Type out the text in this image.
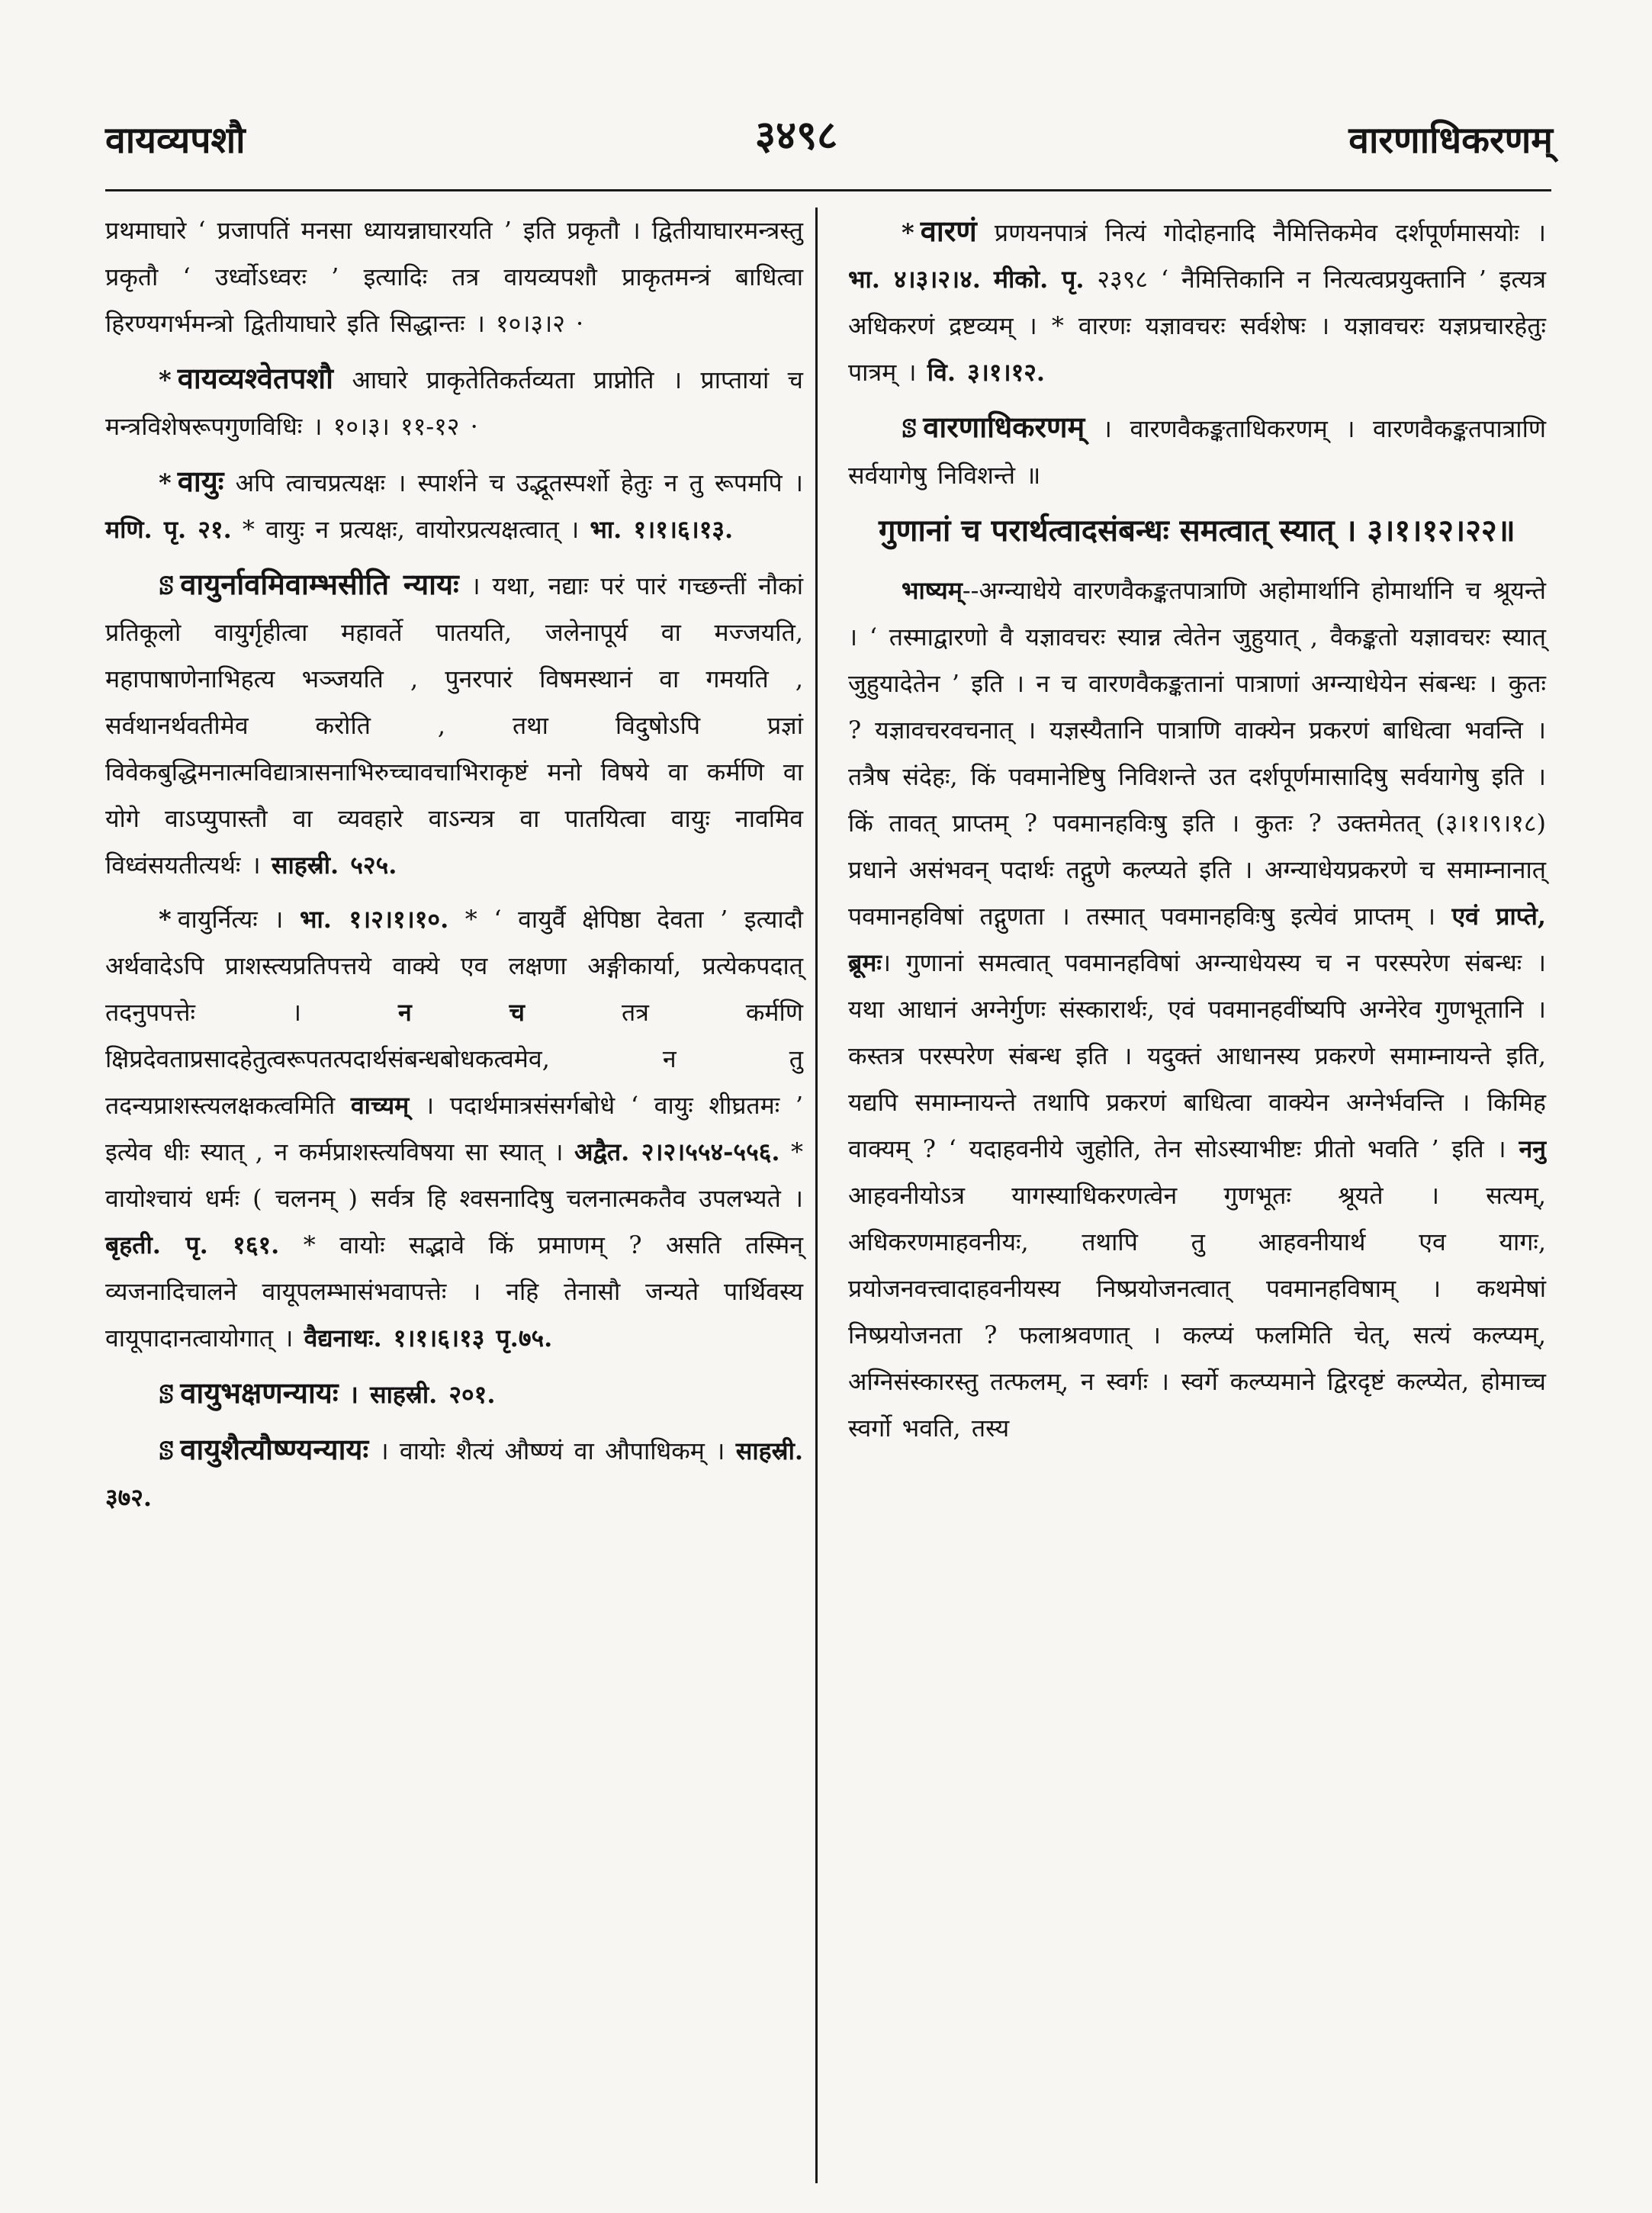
वायव्यपशौ	३४९८	वारणाधिकरणम्

प्रथमाघारे ‘ प्रजापतिं मनसा ध्यायन्नाघारयति ’ इति प्रकृतौ । द्वितीयाघारमन्त्रस्तु प्रकृतौ ‘ उर्ध्वोऽध्वरः ’ इत्यादिः तत्र वायव्यपशौ प्राकृतमन्त्रं बाधित्वा हिरण्यगर्भमन्त्रो द्वितीयाघारे इति सिद्धान्तः । १०।३।२ ·

* वायव्यश्वेतपशौ आघारे प्राकृतेतिकर्तव्यता प्राप्नोति । प्राप्तायां च मन्त्रविशेषरूपगुणविधिः । १०।३। ११-१२ ·

* वायुः अपि त्वाचप्रत्यक्षः । स्पार्शने च उद्भूतस्पर्शो हेतुः न तु रूपमपि । मणि. पृ. २१. * वायुः न प्रत्यक्षः, वायोरप्रत्यक्षत्वात् । भा. १।१।६।१३.

ꕷ वायुर्नावमिवाम्भसीति न्यायः । यथा, नद्याः परं पारं गच्छन्तीं नौकां प्रतिकूलो वायुर्गृहीत्वा महावर्ते पातयति, जलेनापूर्य वा मज्जयति, महापाषाणेनाभिहत्य भञ्जयति , पुनरपारं विषमस्थानं वा गमयति , सर्वथानर्थवतीमेव करोति , तथा विदुषोऽपि प्रज्ञां विवेकबुद्धिमनात्मविद्यात्रासनाभिरुच्चावचाभिराकृष्टं मनो विषये वा कर्मणि वा योगे वाऽप्युपास्तौ वा व्यवहारे वाऽन्यत्र वा पातयित्वा वायुः नावमिव विध्वंसयतीत्यर्थः । साहस्री. ५२५.

* वायुर्नित्यः । भा. १।२।१।१०. * ‘ वायुर्वै क्षेपिष्ठा देवता ’ इत्यादौ अर्थवादेऽपि प्राशस्त्यप्रतिपत्तये वाक्ये एव लक्षणा अङ्गीकार्या, प्रत्येकपदात् तदनुपपत्तेः ।	न च	तत्र कर्मणि क्षिप्रदेवताप्रसादहेतुत्वरूपतत्पदार्थसंबन्धबोधकत्वमेव, न तु तदन्यप्राशस्त्यलक्षकत्वमिति वाच्यम् । पदार्थमात्रसंसर्गबोधे ‘ वायुः शीघ्रतमः ’ इत्येव धीः स्यात् , न कर्मप्राशस्त्यविषया सा स्यात् । अद्वैत. २।२।५५४-५५६. * वायोश्चायं धर्मः ( चलनम् ) सर्वत्र हि श्वसनादिषु चलनात्मकतैव उपलभ्यते । बृहती. पृ. १६१. * वायोः सद्भावे किं प्रमाणम् ? असति तस्मिन् व्यजनादिचालने वायूपलम्भासंभवापत्तेः । नहि तेनासौ जन्यते पार्थिवस्य वायूपादानत्वायोगात् । वैद्यनाथः. १।१।६।१३ पृ.७५.

ꕷ वायुभक्षणन्यायः । साहस्री. २०१.

ꕷ वायुशैत्यौष्ण्यन्यायः । वायोः शैत्यं औष्ण्यं वा औपाधिकम् । साहस्री. ३७२.

* वारणं प्रणयनपात्रं नित्यं गोदोहनादि नैमित्तिकमेव दर्शपूर्णमासयोः । भा. ४।३।२।४. मीको. पृ. २३९८ ‘ नैमित्तिकानि न नित्यत्वप्रयुक्तानि ’ इत्यत्र अधिकरणं द्रष्टव्यम् । * वारणः यज्ञावचरः सर्वशेषः । यज्ञावचरः यज्ञप्रचारहेतुः पात्रम् । वि. ३।१।१२.

ꕷ वारणाधिकरणम् । वारणवैकङ्कताधिकरणम् । वारणवैकङ्कतपात्राणि सर्वयागेषु निविशन्ते ॥

गुणानां च परार्थत्वादसंबन्धः समत्वात् स्यात् । ३।१।१२।२२॥

भाष्यम्--अग्न्याधेये वारणवैकङ्कतपात्राणि अहोमार्थानि होमार्थानि च श्रूयन्ते । ‘ तस्माद्वारणो वै यज्ञावचरः स्यान्न त्वेतेन जुहुयात् , वैकङ्कतो यज्ञावचरः स्यात् जुहुयादेतेन ’ इति । न च वारणवैकङ्कतानां पात्राणां अग्न्याधेयेन संबन्धः । कुतः ? यज्ञावचरवचनात् । यज्ञस्यैतानि पात्राणि वाक्येन प्रकरणं बाधित्वा भवन्ति । तत्रैष संदेहः, किं पवमानेष्टिषु निविशन्ते उत दर्शपूर्णमासादिषु सर्वयागेषु इति । किं तावत् प्राप्तम् ? पवमानहविःषु इति । कुतः ? उक्तमेतत् (३।१।९।१८) प्रधाने असंभवन् पदार्थः तद्गुणे कल्प्यते इति । अग्न्याधेयप्रकरणे च समाम्नानात् पवमानहविषां तद्गुणता । तस्मात् पवमानहविःषु इत्येवं प्राप्तम् । एवं प्राप्ते, ब्रूमः। गुणानां समत्वात् पवमानहविषां अग्न्याधेयस्य च न परस्परेण संबन्धः । यथा आधानं अग्नेर्गुणः संस्कारार्थः, एवं पवमानहवींष्यपि अग्नेरेव गुणभूतानि । कस्तत्र परस्परेण संबन्ध इति । यदुक्तं आधानस्य प्रकरणे समाम्नायन्ते इति, यद्यपि समाम्नायन्ते तथापि प्रकरणं बाधित्वा वाक्येन अग्नेर्भवन्ति । किमिह वाक्यम् ? ‘ यदाहवनीये जुहोति, तेन सोऽस्याभीष्टः प्रीतो भवति ’ इति । ननु आहवनीयोऽत्र यागस्याधिकरणत्वेन गुणभूतः श्रूयते । सत्यम्, अधिकरणमाहवनीयः, तथापि तु आहवनीयार्थ एव यागः, प्रयोजनवत्त्वादाहवनीयस्य निष्प्रयोजनत्वात् पवमानहविषाम् । कथमेषां निष्प्रयोजनता ? फलाश्रवणात् । कल्प्यं फलमिति चेत्, सत्यं कल्प्यम्, अग्निसंस्कारस्तु तत्फलम्, न स्वर्गः । स्वर्गे कल्प्यमाने द्विरदृष्टं कल्प्येत, होमाच्च स्वर्गो भवति, तस्य
